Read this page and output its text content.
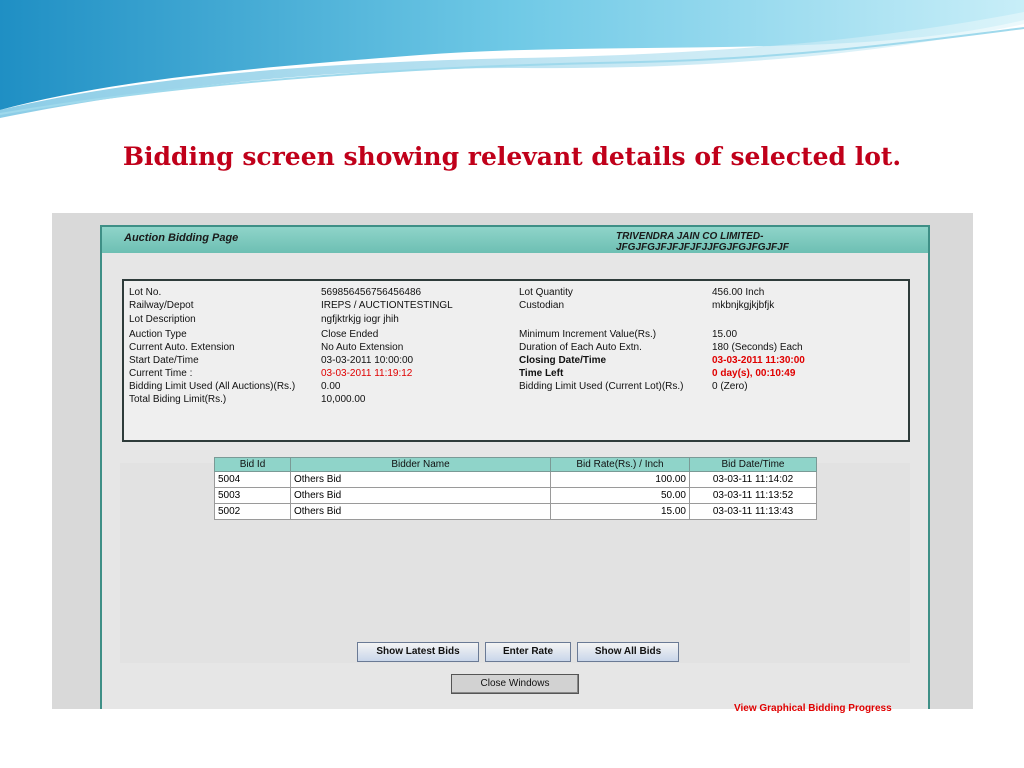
Bidding screen showing relevant details of selected lot.
Auction Bidding Page	TRIVENDRA JAIN CO LIMITED-
JFGJFGJFJFJFJFJJFGJFGJFGJFJF
Lot No.	569856456756456486	Lot Quantity	456.00 Inch
Railway/Depot	IREPS / AUCTIONTESTINGL	Custodian	mkbnjkgjkjbfjk
Lot Description	ngfjktrkjg iogr jhih
Auction Type	Close Ended	Minimum Increment Value(Rs.)	15.00
Current Auto. Extension	No Auto Extension	Duration of Each Auto Extn.	180 (Seconds) Each
Start Date/Time	03-03-2011 10:00:00	Closing Date/Time	03-03-2011 11:30:00
Current Time :	03-03-2011 11:19:12	Time Left	0 day(s), 00:10:49
Bidding Limit Used (All Auctions)(Rs.)	0.00	Bidding Limit Used (Current Lot)(Rs.)	0 (Zero)
Total Biding Limit(Rs.)	10,000.00
Bid Id	Bidder Name	Bid Rate(Rs.) / Inch	Bid Date/Time
5004	Others Bid	100.00	03-03-11 11:14:02
5003	Others Bid	50.00	03-03-11 11:13:52
5002	Others Bid	15.00	03-03-11 11:13:43
Show Latest Bids	Enter Rate	Show All Bids
Close Windows
View Graphical Bidding Progress
